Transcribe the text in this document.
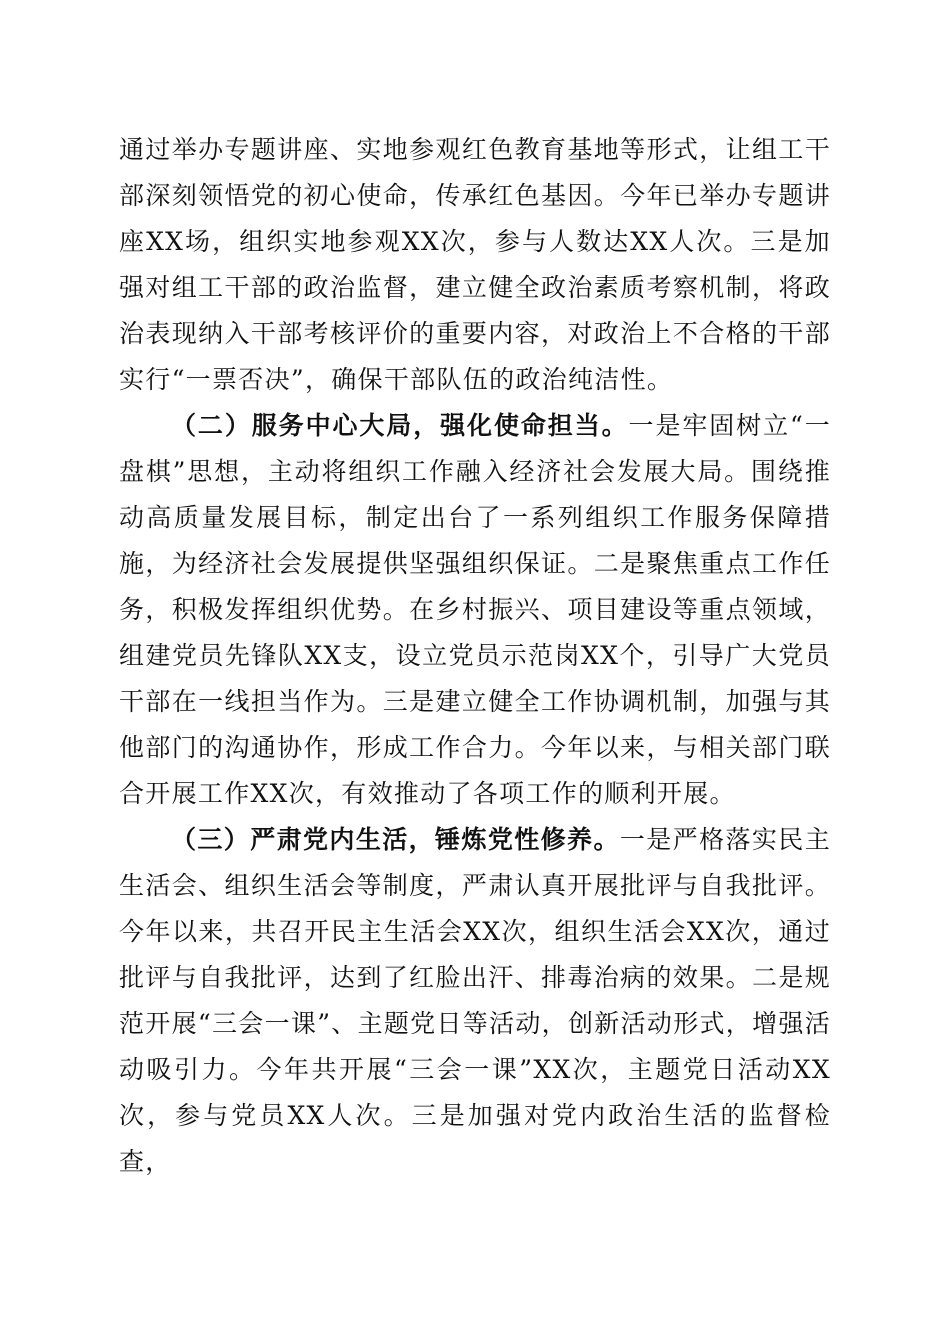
通过举办专题讲座、实地参观红色教育基地等形式，让组工干部深刻领悟党的初心使命，传承红色基因。今年已举办专题讲座XX场，组织实地参观XX次，参与人数达XX人次。三是加强对组工干部的政治监督，建立健全政治素质考察机制，将政治表现纳入干部考核评价的重要内容，对政治上不合格的干部实行“一票否决”，确保干部队伍的政治纯洁性。

（二）服务中心大局，强化使命担当。一是牢固树立“一盘棋”思想，主动将组织工作融入经济社会发展大局。围绕推动高质量发展目标，制定出台了一系列组织工作服务保障措施，为经济社会发展提供坚强组织保证。二是聚焦重点工作任务，积极发挥组织优势。在乡村振兴、项目建设等重点领域，组建党员先锋队XX支，设立党员示范岗XX个，引导广大党员干部在一线担当作为。三是建立健全工作协调机制，加强与其他部门的沟通协作，形成工作合力。今年以来，与相关部门联合开展工作XX次，有效推动了各项工作的顺利开展。

（三）严肃党内生活，锤炼党性修养。一是严格落实民主生活会、组织生活会等制度，严肃认真开展批评与自我批评。今年以来，共召开民主生活会XX次，组织生活会XX次，通过批评与自我批评，达到了红脸出汗、排毒治病的效果。二是规范开展“三会一课”、主题党日等活动，创新活动形式，增强活动吸引力。今年共开展“三会一课”XX次，主题党日活动XX次，参与党员XX人次。三是加强对党内政治生活的监督检查，
